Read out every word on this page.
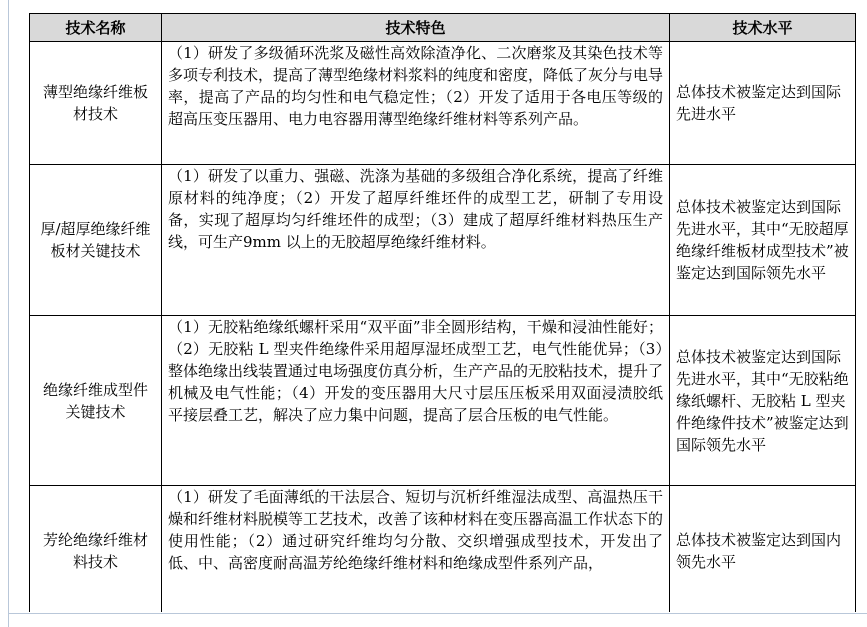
技术名称	技术特色	技术水平
薄型绝缘纤维板材技术	（1）研发了多级循环洗浆及磁性高效除渣净化、二次磨浆及其染色技术等多项专利技术，提高了薄型绝缘材料浆料的纯度和密度，降低了灰分与电导率，提高了产品的均匀性和电气稳定性；（2）开发了适用于各电压等级的超高压变压器用、电力电容器用薄型绝缘纤维材料等系列产品。	总体技术被鉴定达到国际先进水平
厚/超厚绝缘纤维板材关键技术	（1）研发了以重力、强磁、洗涤为基础的多级组合净化系统，提高了纤维原材料的纯净度；（2）开发了超厚纤维坯件的成型工艺，研制了专用设备，实现了超厚均匀纤维坯件的成型；（3）建成了超厚纤维材料热压生产线，可生产9mm 以上的无胶超厚绝缘纤维材料。	总体技术被鉴定达到国际先进水平，其中“无胶超厚绝缘纤维板材成型技术”被鉴定达到国际领先水平
绝缘纤维成型件关键技术	（1）无胶粘绝缘纸螺杆采用“双平面”非全圆形结构，干燥和浸油性能好；（2）无胶粘 L 型夹件绝缘件采用超厚湿坯成型工艺，电气性能优异；（3）整体绝缘出线装置通过电场强度仿真分析，生产产品的无胶粘技术，提升了机械及电气性能；（4）开发的变压器用大尺寸层压压板采用双面浸渍胶纸平接层叠工艺，解决了应力集中问题，提高了层合压板的电气性能。	总体技术被鉴定达到国际先进水平，其中“无胶粘绝缘纸螺杆、无胶粘 L 型夹件绝缘件技术”被鉴定达到国际领先水平
芳纶绝缘纤维材料技术	（1）研发了毛面薄纸的干法层合、短切与沉析纤维湿法成型、高温热压干燥和纤维材料脱模等工艺技术，改善了该种材料在变压器高温工作状态下的使用性能；（2）通过研究纤维均匀分散、交织增强成型技术，开发出了低、中、高密度耐高温芳纶绝缘纤维材料和绝缘成型件系列产品，	总体技术被鉴定达到国内领先水平
